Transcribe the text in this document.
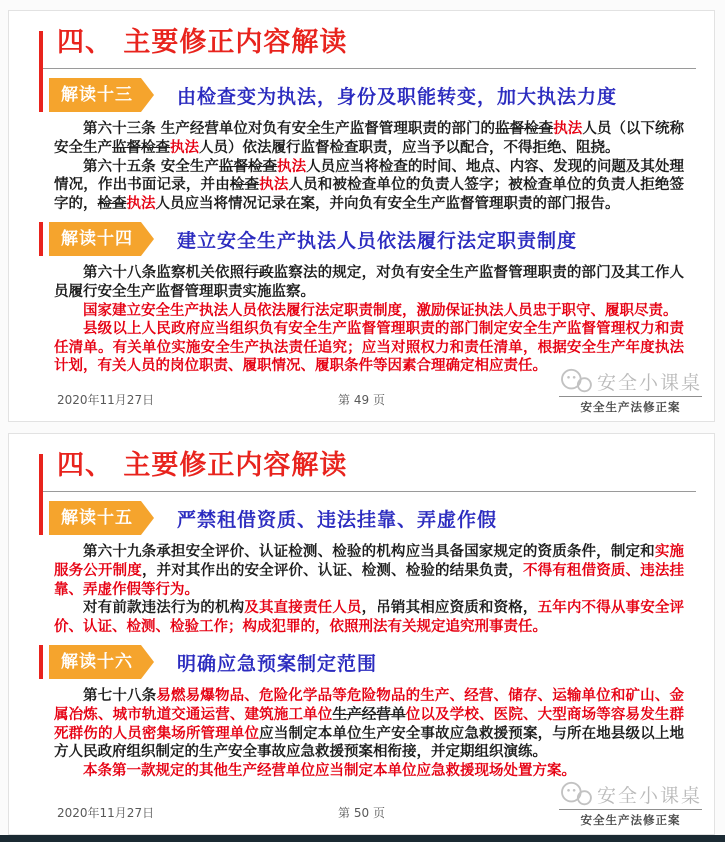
四、 主要修正内容解读
解读十三	由检查变为执法，身份及职能转变，加大执法力度

第六十三条 生产经营单位对负有安全生产监督管理职责的部门的监督检查执法人员（以下统称安全生产监督检查执法人员）依法履行监督检查职责，应当予以配合，不得拒绝、阻挠。

第六十五条 安全生产监督检查执法人员应当将检查的时间、地点、内容、发现的问题及其处理情况，作出书面记录，并由检查执法人员和被检查单位的负责人签字；被检查单位的负责人拒绝签字的，检查执法人员应当将情况记录在案，并向负有安全生产监督管理职责的部门报告。

解读十四	建立安全生产执法人员依法履行法定职责制度

第六十八条监察机关依照行政监察法的规定，对负有安全生产监督管理职责的部门及其工作人员履行安全生产监督管理职责实施监察。

国家建立安全生产执法人员依法履行法定职责制度，激励保证执法人员忠于职守、履职尽责。

县级以上人民政府应当组织负有安全生产监督管理职责的部门制定安全生产监督管理权力和责任清单。有关单位实施安全生产执法责任追究；应当对照权力和责任清单，根据安全生产年度执法计划，有关人员的岗位职责、履职情况、履职条件等因素合理确定相应责任。

2020年11月27日	第 49 页
安全小课桌
安全生产法修正案
四、 主要修正内容解读
解读十五	严禁租借资质、违法挂靠、弄虚作假

第六十九条承担安全评价、认证检测、检验的机构应当具备国家规定的资质条件，制定和实施服务公开制度，并对其作出的安全评价、认证、检测、检验的结果负责，不得有租借资质、违法挂靠、弄虚作假等行为。

对有前款违法行为的机构及其直接责任人员，吊销其相应资质和资格，五年内不得从事安全评价、认证、检测、检验工作；构成犯罪的，依照刑法有关规定追究刑事责任。

解读十六	明确应急预案制定范围

第七十八条易燃易爆物品、危险化学品等危险物品的生产、经营、储存、运输单位和矿山、金属冶炼、城市轨道交通运营、建筑施工单位生产经营单位以及学校、医院、大型商场等容易发生群死群伤的人员密集场所管理单位应当制定本单位生产安全事故应急救援预案，与所在地县级以上地方人民政府组织制定的生产安全事故应急救援预案相衔接，并定期组织演练。

本条第一款规定的其他生产经营单位应当制定本单位应急救援现场处置方案。

2020年11月27日	第 50 页
安全小课桌
安全生产法修正案
